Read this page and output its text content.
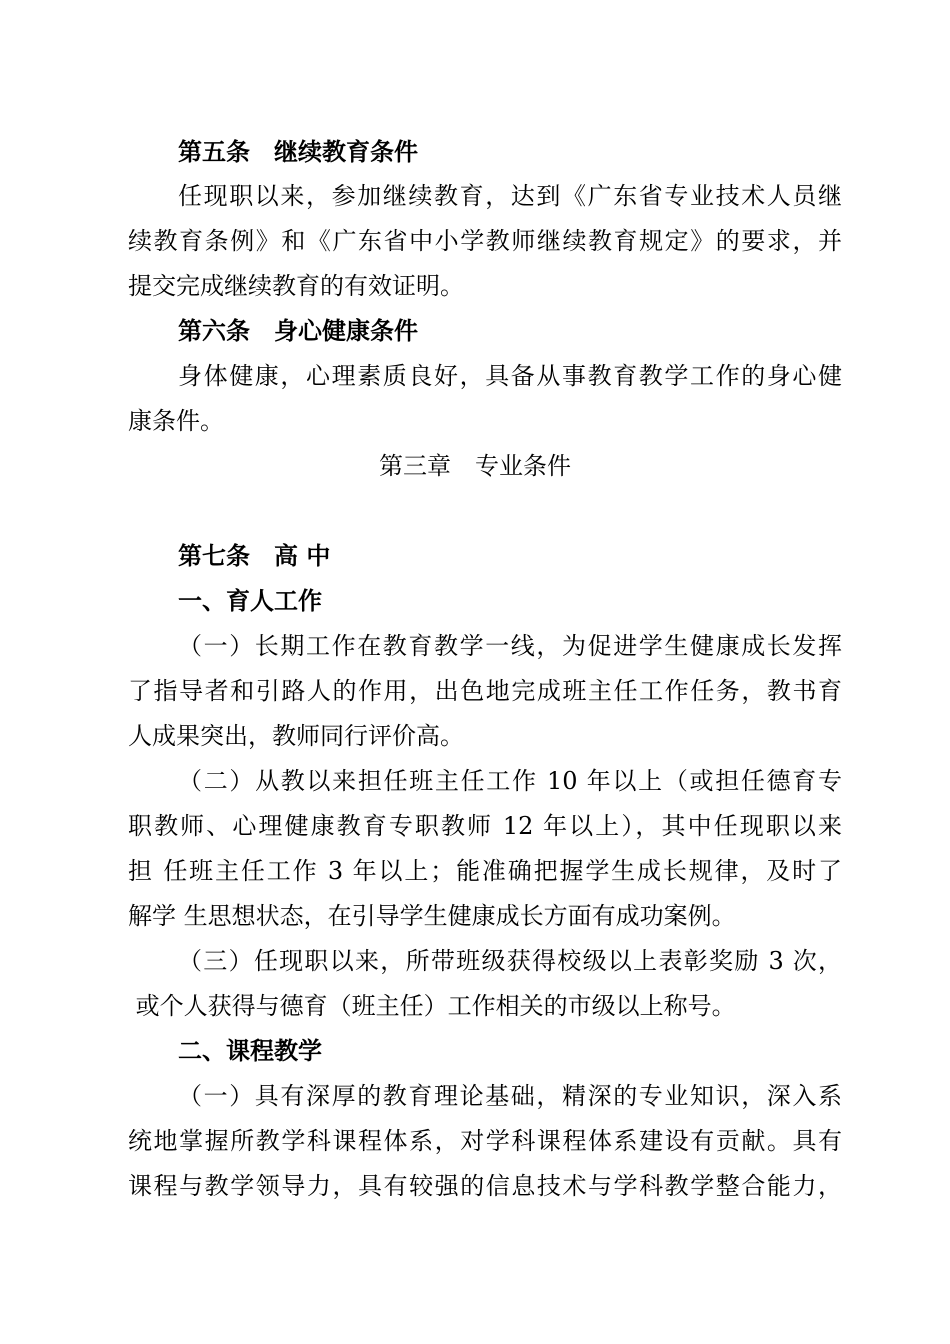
第五条　继续教育条件
任现职以来，参加继续教育，达到《广东省专业技术人员继
续教育条例》和《广东省中小学教师继续教育规定》的要求，并
提交完成继续教育的有效证明。
第六条　身心健康条件
身体健康，心理素质良好，具备从事教育教学工作的身心健
康条件。
第三章　专业条件
第七条　高 中
一、育人工作
（一）长期工作在教育教学一线，为促进学生健康成长发挥
了指导者和引路人的作用，出色地完成班主任工作任务，教书育
人成果突出，教师同行评价高。
（二）从教以来担任班主任工作 10 年以上（或担任德育专
职教师、心理健康教育专职教师 12 年以上），其中任现职以来
担 任班主任工作 3 年以上；能准确把握学生成长规律，及时了
解学 生思想状态，在引导学生健康成长方面有成功案例。
（三）任现职以来，所带班级获得校级以上表彰奖励 3 次，
或个人获得与德育（班主任）工作相关的市级以上称号。
二、课程教学
（一）具有深厚的教育理论基础，精深的专业知识，深入系
统地掌握所教学科课程体系，对学科课程体系建设有贡献。具有
课程与教学领导力，具有较强的信息技术与学科教学整合能力，
